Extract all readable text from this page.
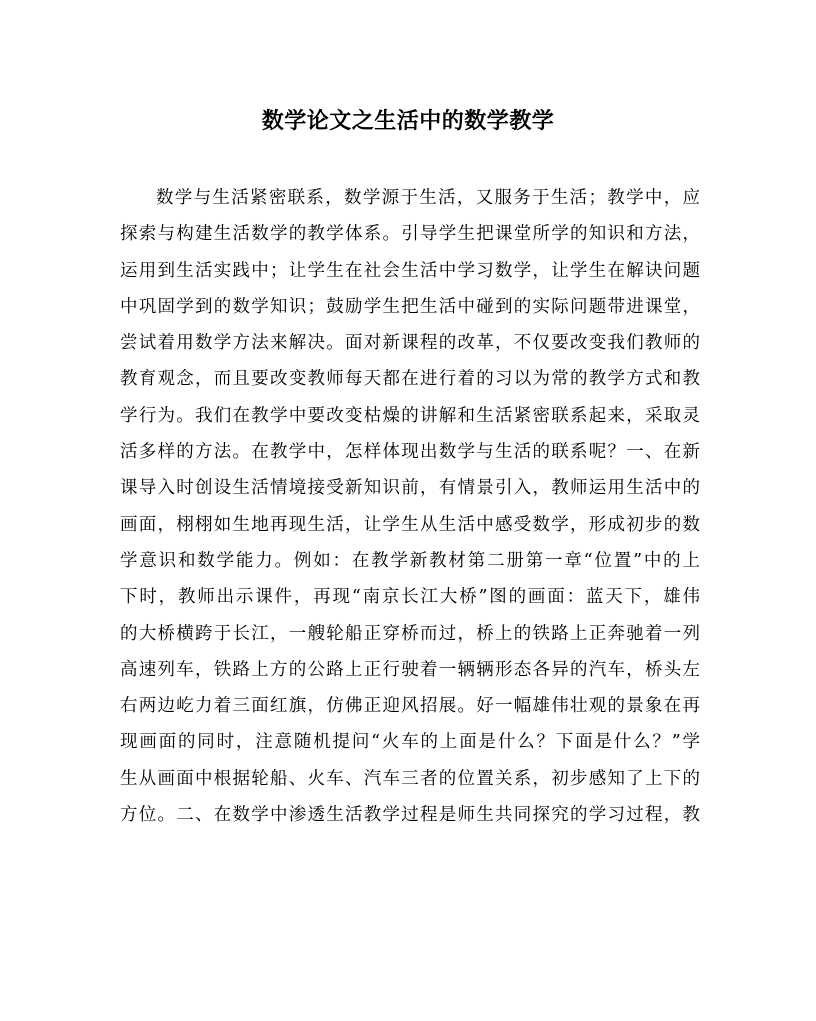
数学论文之生活中的数学教学
数学与生活紧密联系，数学源于生活，又服务于生活；教学中，应
探索与构建生活数学的教学体系。引导学生把课堂所学的知识和方法，
运用到生活实践中；让学生在社会生活中学习数学，让学生在解诀问题
中巩固学到的数学知识；鼓励学生把生活中碰到的实际问题带进课堂，
尝试着用数学方法来解决。面对新课程的改革，不仅要改变我们教师的
教育观念，而且要改变教师每天都在进行着的习以为常的教学方式和教
学行为。我们在教学中要改变枯燥的讲解和生活紧密联系起来，采取灵
活多样的方法。在教学中，怎样体现出数学与生活的联系呢？一、在新
课导入时创设生活情境接受新知识前，有情景引入，教师运用生活中的
画面，栩栩如生地再现生活，让学生从生活中感受数学，形成初步的数
学意识和数学能力。例如：在教学新教材第二册第一章“位置”中的上
下时，教师出示课件，再现“南京长江大桥”图的画面：蓝天下，雄伟
的大桥横跨于长江，一艘轮船正穿桥而过，桥上的铁路上正奔驰着一列
高速列车，铁路上方的公路上正行驶着一辆辆形态各异的汽车，桥头左
右两边屹力着三面红旗，仿佛正迎风招展。好一幅雄伟壮观的景象在再
现画面的同时，注意随机提问“火车的上面是什么？下面是什么？”学
生从画面中根据轮船、火车、汽车三者的位置关系，初步感知了上下的
方位。二、在数学中渗透生活教学过程是师生共同探究的学习过程，教
